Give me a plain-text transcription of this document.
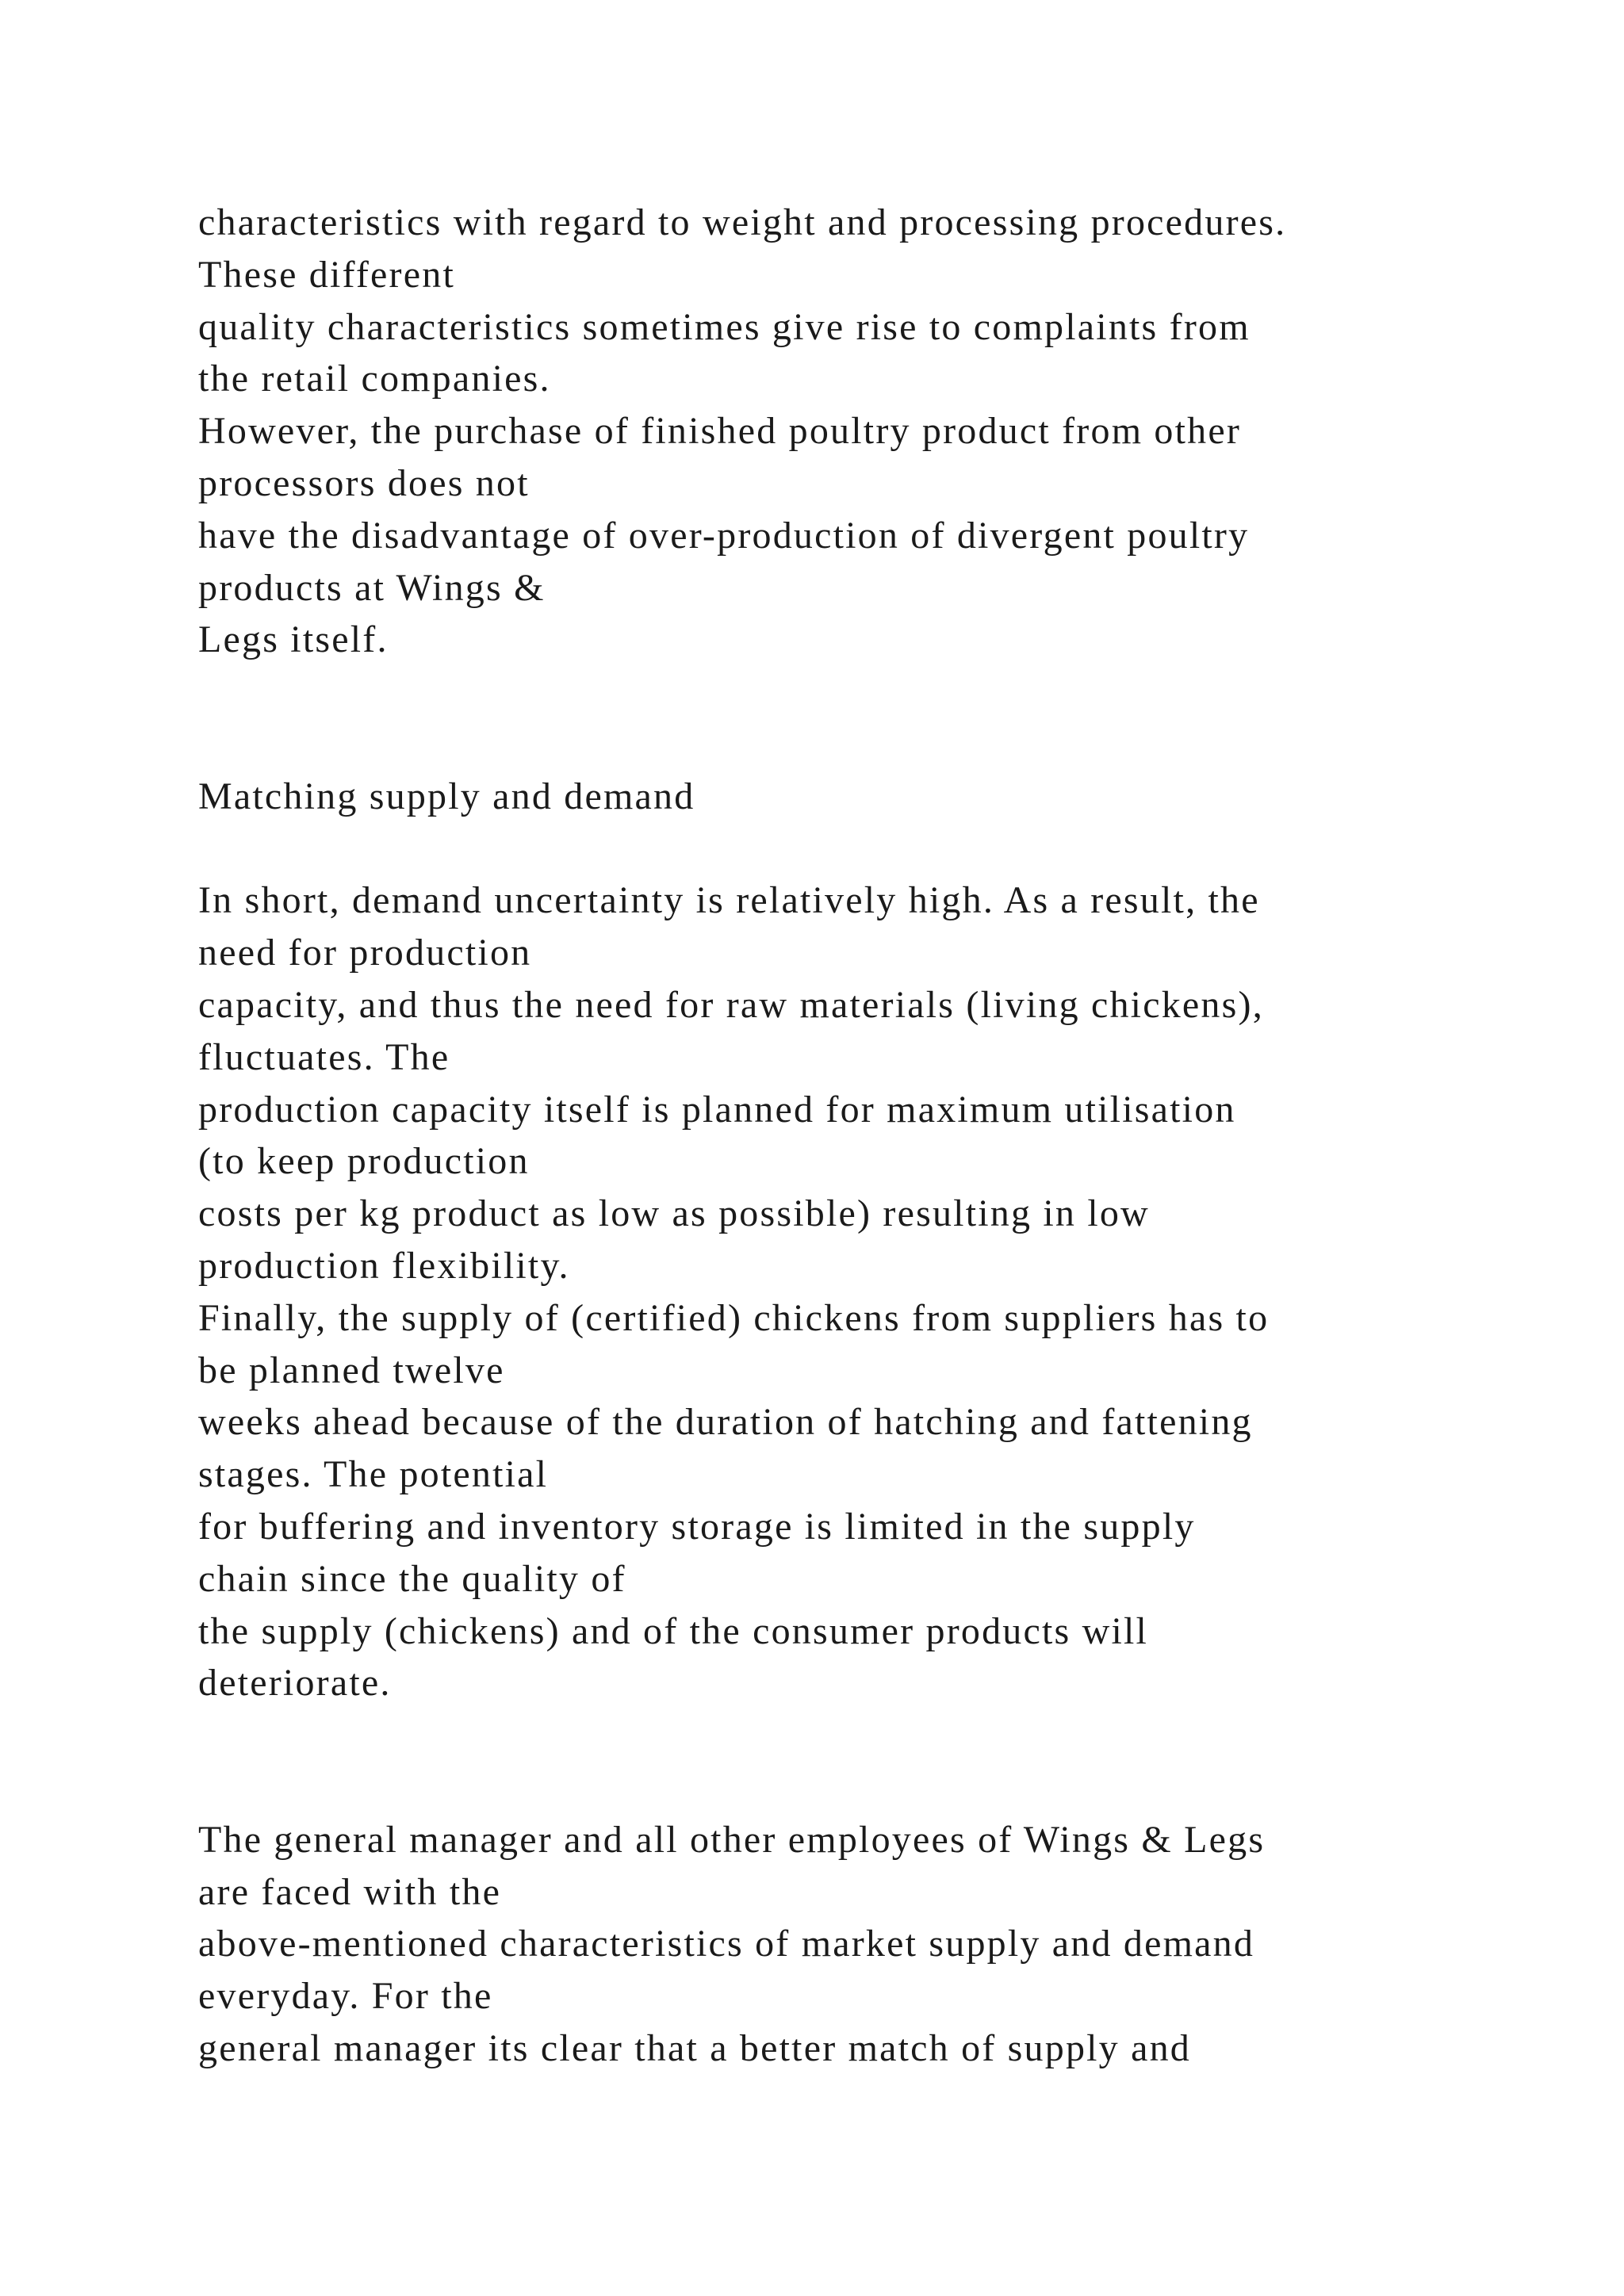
characteristics with regard to weight and processing procedures.
These different
quality characteristics sometimes give rise to complaints from
the retail companies.
However, the purchase of finished poultry product from other
processors does not
have the disadvantage of over-production of divergent poultry
products at Wings &
Legs itself.
Matching supply and demand
In short, demand uncertainty is relatively high. As a result, the
need for production
capacity, and thus the need for raw materials (living chickens),
fluctuates. The
production capacity itself is planned for maximum utilisation
(to keep production
costs per kg product as low as possible) resulting in low
production flexibility.
Finally, the supply of (certified) chickens from suppliers has to
be planned twelve
weeks ahead because of the duration of hatching and fattening
stages. The potential
for buffering and inventory storage is limited in the supply
chain since the quality of
the supply (chickens) and of the consumer products will
deteriorate.
The general manager and all other employees of Wings & Legs
are faced with the
above-mentioned characteristics of market supply and demand
everyday. For the
general manager its clear that a better match of supply and
